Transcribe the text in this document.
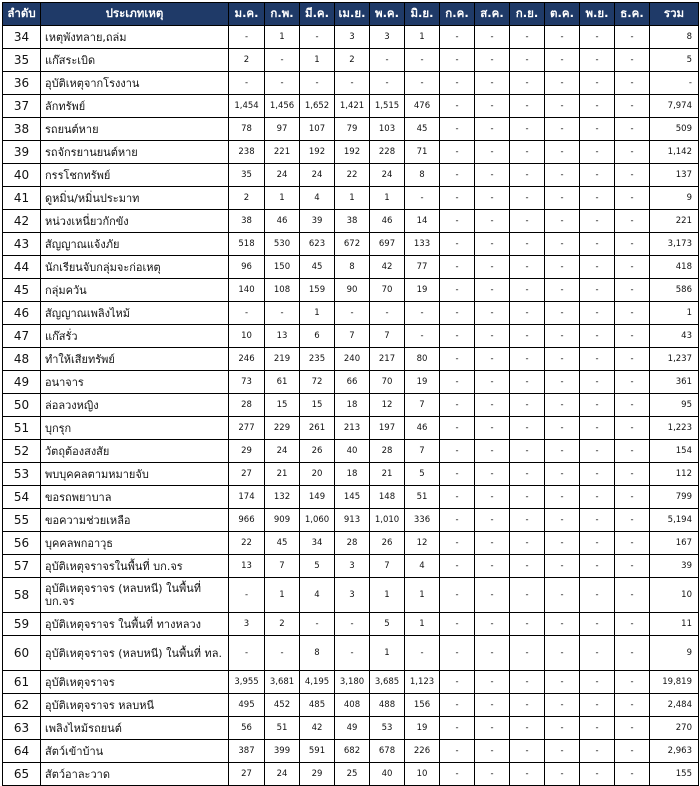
ลำดับ	ประเภทเหตุ	ม.ค.	ก.พ.	มี.ค.	เม.ย.	พ.ค.	มิ.ย.	ก.ค.	ส.ค.	ก.ย.	ต.ค.	พ.ย.	ธ.ค.	รวม
34	เหตุพังทลาย,ถล่ม	-	1	-	3	3	1	-	-	-	-	-	-	8
35	แก๊สระเบิด	2	-	1	2	-	-	-	-	-	-	-	-	5
36	อุบัติเหตุจากโรงงาน	-	-	-	-	-	-	-	-	-	-	-	-	-
37	ลักทรัพย์	1,454	1,456	1,652	1,421	1,515	476	-	-	-	-	-	-	7,974
38	รถยนต์หาย	78	97	107	79	103	45	-	-	-	-	-	-	509
39	รถจักรยานยนต์หาย	238	221	192	192	228	71	-	-	-	-	-	-	1,142
40	กรรโชกทรัพย์	35	24	24	22	24	8	-	-	-	-	-	-	137
41	ดูหมิ่น/หมิ่นประมาท	2	1	4	1	1	-	-	-	-	-	-	-	9
42	หน่วงเหนี่ยวกักขัง	38	46	39	38	46	14	-	-	-	-	-	-	221
43	สัญญาณแจ้งภัย	518	530	623	672	697	133	-	-	-	-	-	-	3,173
44	นักเรียนจับกลุ่มจะก่อเหตุ	96	150	45	8	42	77	-	-	-	-	-	-	418
45	กลุ่มควัน	140	108	159	90	70	19	-	-	-	-	-	-	586
46	สัญญาณเพลิงไหม้	-	-	1	-	-	-	-	-	-	-	-	-	1
47	แก๊สรั่ว	10	13	6	7	7	-	-	-	-	-	-	-	43
48	ทำให้เสียทรัพย์	246	219	235	240	217	80	-	-	-	-	-	-	1,237
49	อนาจาร	73	61	72	66	70	19	-	-	-	-	-	-	361
50	ล่อลวงหญิง	28	15	15	18	12	7	-	-	-	-	-	-	95
51	บุกรุก	277	229	261	213	197	46	-	-	-	-	-	-	1,223
52	วัตถุต้องสงสัย	29	24	26	40	28	7	-	-	-	-	-	-	154
53	พบบุคคลตามหมายจับ	27	21	20	18	21	5	-	-	-	-	-	-	112
54	ขอรถพยาบาล	174	132	149	145	148	51	-	-	-	-	-	-	799
55	ขอความช่วยเหลือ	966	909	1,060	913	1,010	336	-	-	-	-	-	-	5,194
56	บุคคลพกอาวุธ	22	45	34	28	26	12	-	-	-	-	-	-	167
57	อุบัติเหตุจราจรในพื้นที่ บก.จร	13	7	5	3	7	4	-	-	-	-	-	-	39
58	อุบัติเหตุจราจร (หลบหนี) ในพื้นที่ บก.จร	-	1	4	3	1	1	-	-	-	-	-	-	10
59	อุบัติเหตุจราจร ในพื้นที่ ทางหลวง	3	2	-	-	5	1	-	-	-	-	-	-	11
60	อุบัติเหตุจราจร (หลบหนี) ในพื้นที่ ทล.	-	-	8	-	1	-	-	-	-	-	-	-	9
61	อุบัติเหตุจราจร	3,955	3,681	4,195	3,180	3,685	1,123	-	-	-	-	-	-	19,819
62	อุบัติเหตุจราจร หลบหนี	495	452	485	408	488	156	-	-	-	-	-	-	2,484
63	เพลิงไหม้รถยนต์	56	51	42	49	53	19	-	-	-	-	-	-	270
64	สัตว์เข้าบ้าน	387	399	591	682	678	226	-	-	-	-	-	-	2,963
65	สัตว์อาละวาด	27	24	29	25	40	10	-	-	-	-	-	-	155
